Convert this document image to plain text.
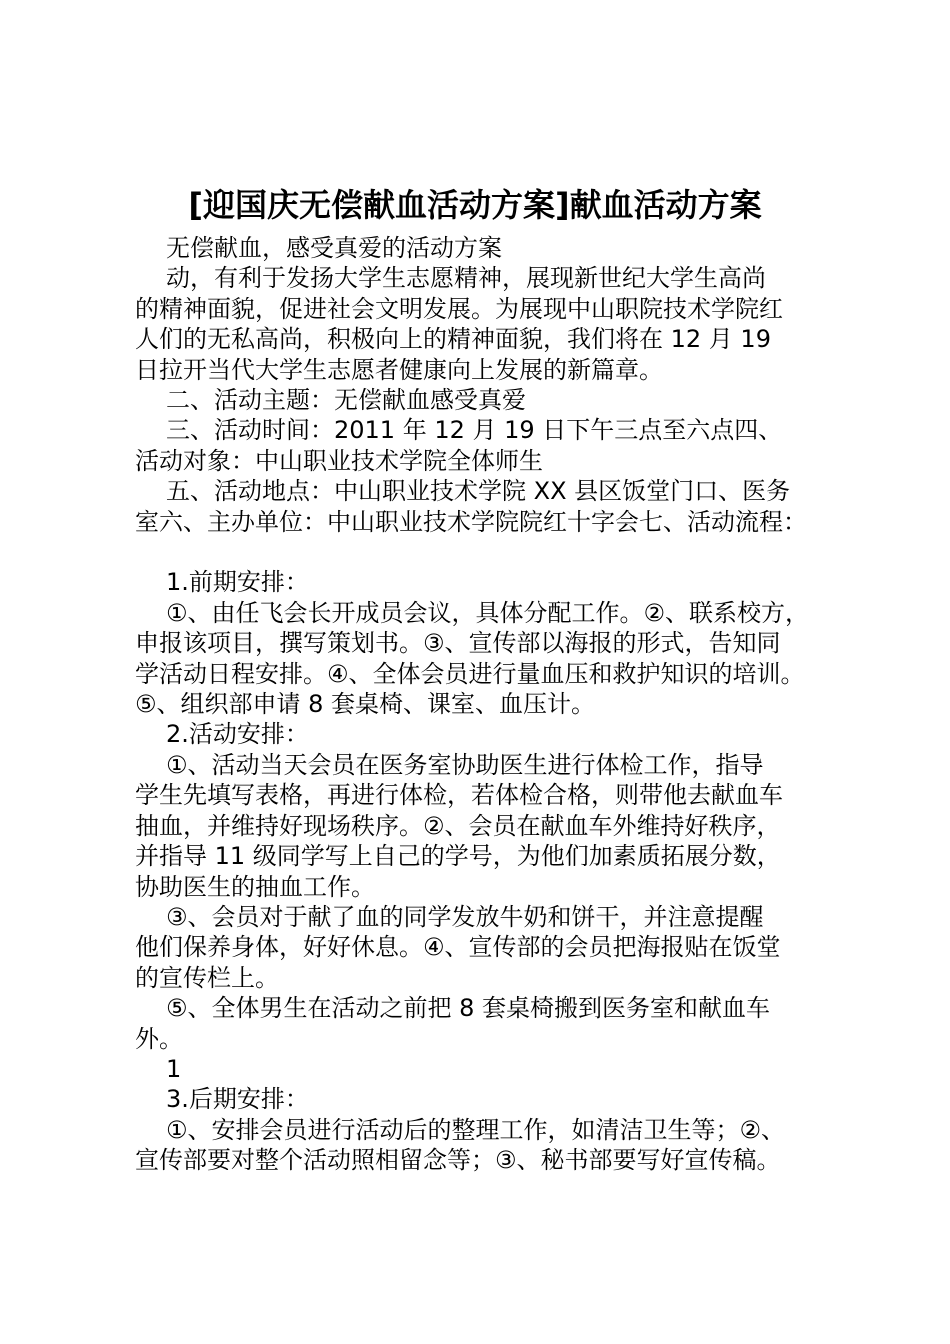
[迎国庆无偿献血活动方案]献血活动方案

无偿献血，感受真爱的活动方案

动，有利于发扬大学生志愿精神，展现新世纪大学生高尚

的精神面貌，促进社会文明发展。为展现中山职院技术学院红

人们的无私高尚，积极向上的精神面貌，我们将在 12 月 19

日拉开当代大学生志愿者健康向上发展的新篇章。

二、活动主题：无偿献血感受真爱

三、活动时间：2011 年 12 月 19 日下午三点至六点四、

活动对象：中山职业技术学院全体师生

五、活动地点：中山职业技术学院 XX 县区饭堂门口、医务

室六、主办单位：中山职业技术学院院红十字会七、活动流程：

1.前期安排：

①、由任飞会长开成员会议，具体分配工作。②、联系校方，

申报该项目，撰写策划书。③、宣传部以海报的形式，告知同

学活动日程安排。④、全体会员进行量血压和救护知识的培训。

⑤、组织部申请 8 套桌椅、课室、血压计。

2.活动安排：

①、活动当天会员在医务室协助医生进行体检工作，指导

学生先填写表格，再进行体检，若体检合格，则带他去献血车

抽血，并维持好现场秩序。②、会员在献血车外维持好秩序，

并指导 11 级同学写上自己的学号，为他们加素质拓展分数，

协助医生的抽血工作。

③、会员对于献了血的同学发放牛奶和饼干，并注意提醒

他们保养身体，好好休息。④、宣传部的会员把海报贴在饭堂

的宣传栏上。

⑤、全体男生在活动之前把 8 套桌椅搬到医务室和献血车

外。

1

3.后期安排：

①、安排会员进行活动后的整理工作，如清洁卫生等；②、

宣传部要对整个活动照相留念等；③、秘书部要写好宣传稿。
